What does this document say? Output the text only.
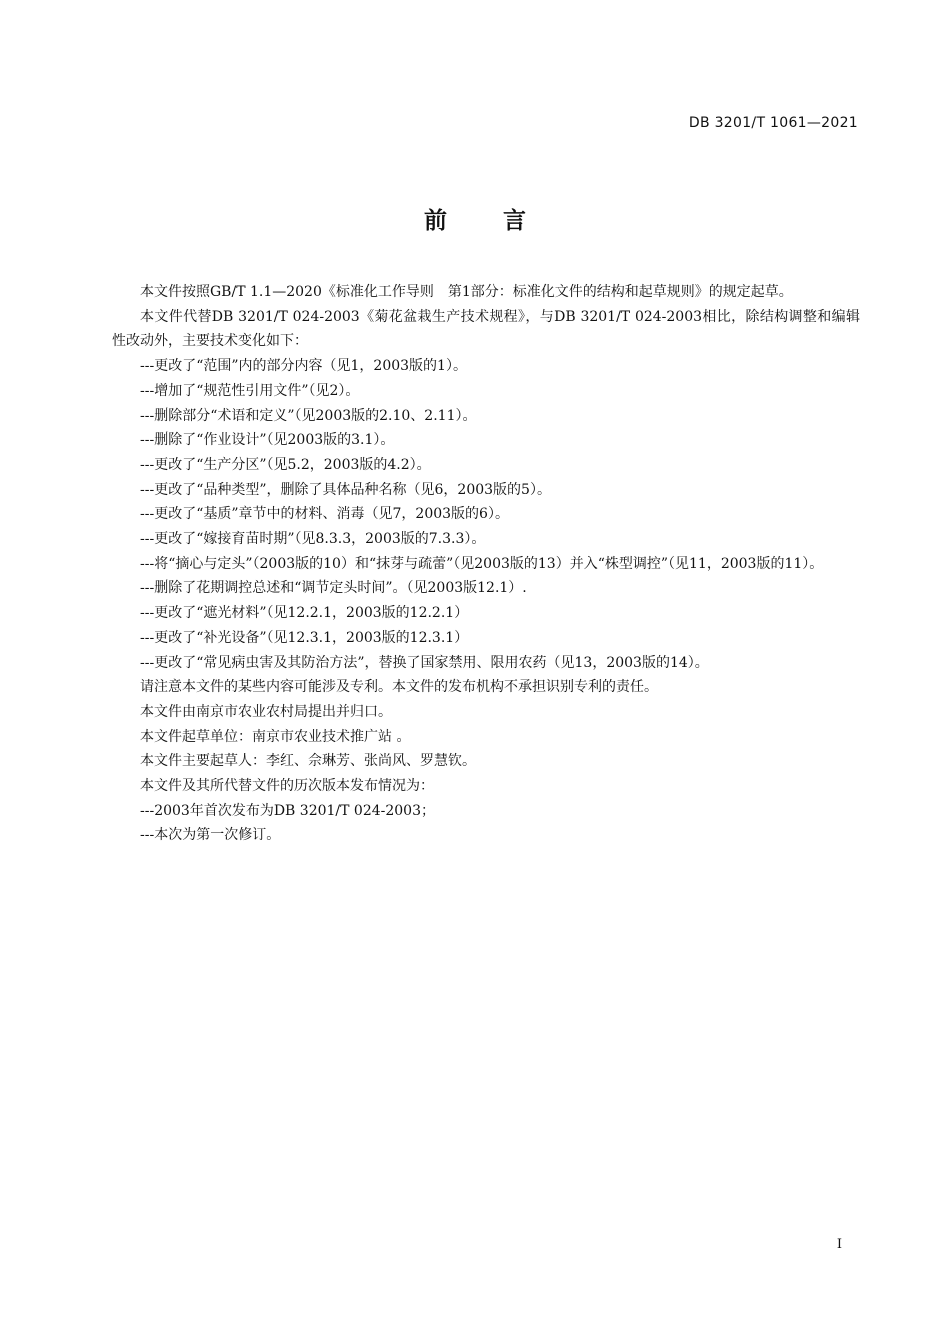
DB 3201/T 1061—2021
前言

本文件按照GB/T 1.1—2020《标准化工作导则　第1部分：标准化文件的结构和起草规则》的规定起草。

本文件代替DB 3201/T 024-2003《菊花盆栽生产技术规程》，与DB 3201/T 024-2003相比，除结构调整和编辑性改动外，主要技术变化如下：

---更改了“范围”内的部分内容（见1，2003版的1）。

---增加了“规范性引用文件”（见2）。

---删除部分“术语和定义”（见2003版的2.10、2.11）。

---删除了“作业设计”（见2003版的3.1）。

---更改了“生产分区”（见5.2，2003版的4.2）。

---更改了“品种类型”，删除了具体品种名称（见6，2003版的5）。

---更改了“基质”章节中的材料、消毒（见7，2003版的6）。

---更改了“嫁接育苗时期”（见8.3.3，2003版的7.3.3）。

---将“摘心与定头”（2003版的10）和“抹芽与疏蕾”（见2003版的13）并入“株型调控”（见11，2003版的11）。

---删除了花期调控总述和“调节定头时间”。（见2003版12.1）.

---更改了“遮光材料”（见12.2.1，2003版的12.2.1）

---更改了“补光设备”（见12.3.1，2003版的12.3.1）

---更改了“常见病虫害及其防治方法”，替换了国家禁用、限用农药（见13，2003版的14）。

请注意本文件的某些内容可能涉及专利。本文件的发布机构不承担识别专利的责任。

本文件由南京市农业农村局提出并归口。

本文件起草单位：南京市农业技术推广站 。

本文件主要起草人：李红、佘琳芳、张尚风、罗慧钦。

本文件及其所代替文件的历次版本发布情况为：

---2003年首次发布为DB 3201/T 024-2003；

---本次为第一次修订。

I
